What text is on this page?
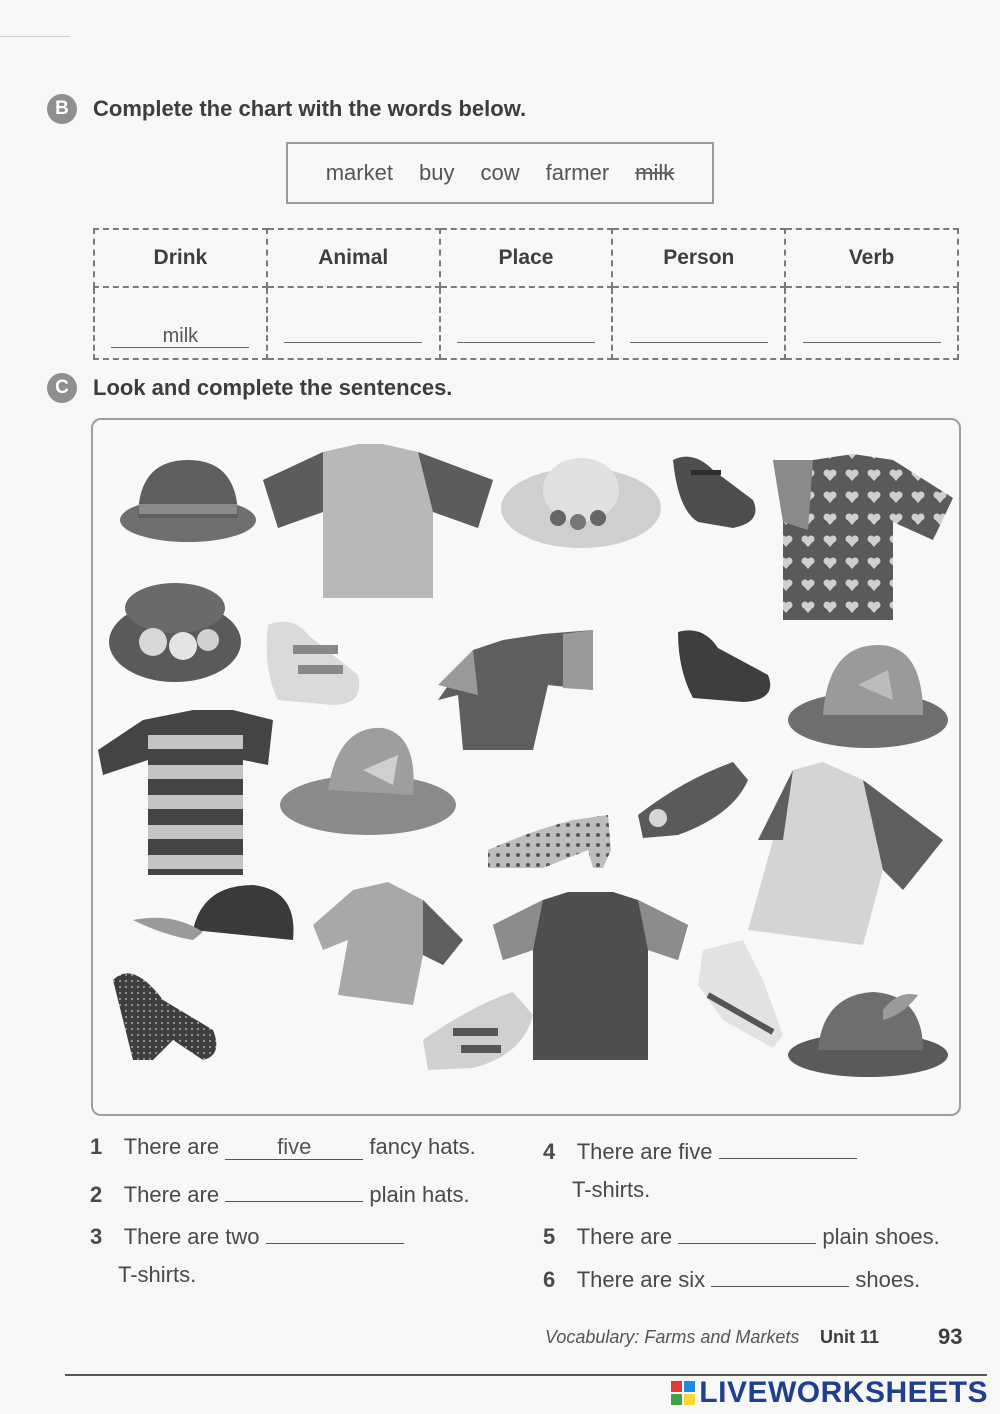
B	Complete the chart with the words below.
market buy cow farmer milk
Drink	Animal	Place	Person	Verb
milk				
C	Look and complete the sentences.
1 There are	five	fancy hats.
2 There are	plain hats.
3 There are two
T-shirts.
4 There are five
T-shirts.
5 There are	plain shoes.
6 There are six	shoes.
Vocabulary: Farms and Markets Unit 11	93
LIVEWORKSHEETS
